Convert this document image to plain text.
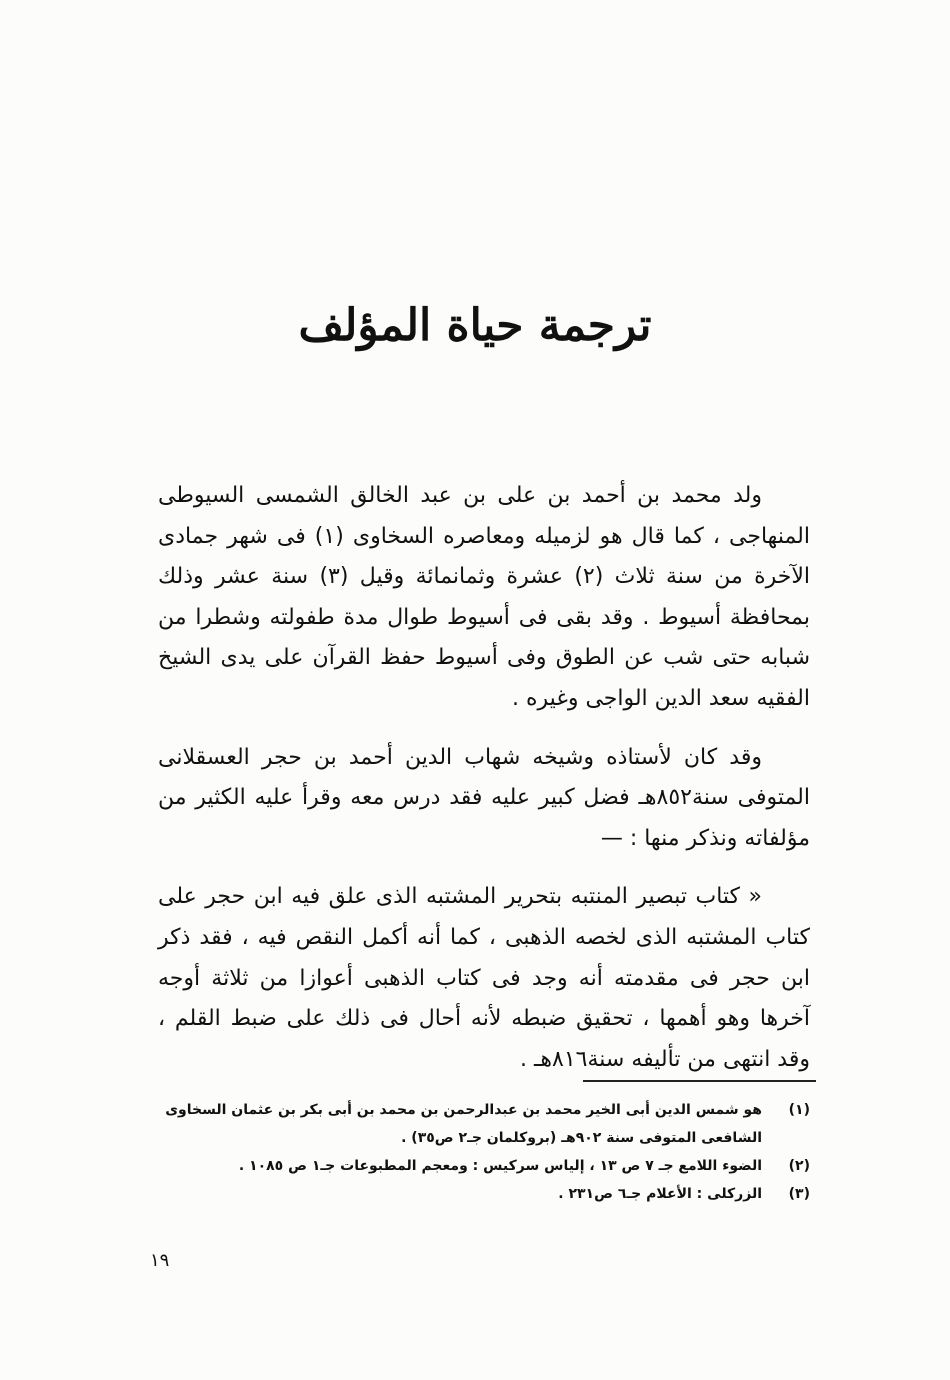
ترجمة حياة المؤلف

ولد محمد بن أحمد بن على بن عبد الخالق الشمسى السيوطى المنهاجى ، كما قال هو لزميله ومعاصره السخاوى (١) فى شهر جمادى الآخرة من سنة ثلاث (٢) عشرة وثمانمائة وقيل (٣) سنة عشر وذلك بمحافظة أسيوط . وقد بقى فى أسيوط طوال مدة طفولته وشطرا من شبابه حتى شب عن الطوق وفى أسيوط حفظ القرآن على يدى الشيخ الفقيه سعد الدين الواجى وغيره .

وقد كان لأستاذه وشيخه شهاب الدين أحمد بن حجر العسقلانى المتوفى سنة٨٥٢هـ فضل كبير عليه فقد درس معه وقرأ عليه الكثير من مؤلفاته ونذكر منها : —

« كتاب تبصير المنتبه بتحرير المشتبه الذى علق فيه ابن حجر على كتاب المشتبه الذى لخصه الذهبى ، كما أنه أكمل النقص فيه ، فقد ذكر ابن حجر فى مقدمته أنه وجد فى كتاب الذهبى أعوازا من ثلاثة أوجه آخرها وهو أهمها ، تحقيق ضبطه لأنه أحال فى ذلك على ضبط القلم ، وقد انتهى من تأليفه سنة٨١٦هـ .

(١)
هو شمس الدين أبى الخير محمد بن عبدالرحمن بن محمد بن أبى بكر بن عثمان السخاوى الشافعى المتوفى سنة ٩٠٢هـ (بروكلمان جـ٢ ص٣٥) .
(٢)
الضوء اللامع جـ ٧ ص ١٣ ، إلياس سركيس : ومعجم المطبوعات جـ١ ص ١٠٨٥ .
(٣)
الزركلى : الأعلام جـ٦ ص٢٣١ .
١٩
